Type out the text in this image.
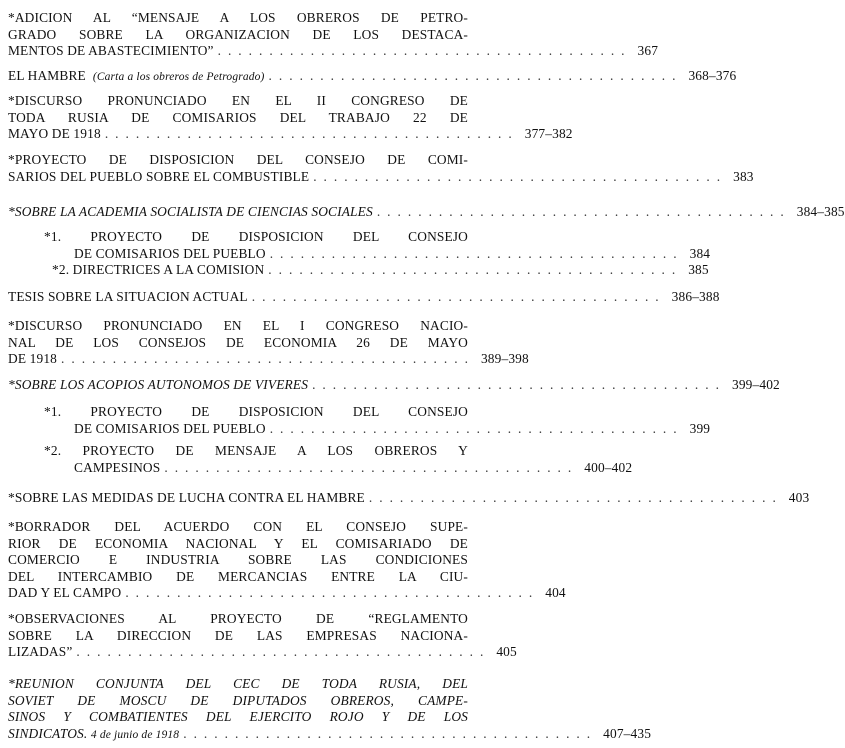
*ADICION AL “MENSAJE A LOS OBREROS DE PETRO-
GRADO SOBRE LA ORGANIZACION DE LOS DESTACA-
MENTOS DE ABASTECIMIENTO” ........................................ 367
EL HAMBRE (Carta a los obreros de Petrogrado) ........................................ 368–376
*DISCURSO PRONUNCIADO EN EL II CONGRESO DE
TODA RUSIA DE COMISARIOS DEL TRABAJO 22 DE
MAYO DE 1918 ........................................ 377–382
*PROYECTO DE DISPOSICION DEL CONSEJO DE COMI-
SARIOS DEL PUEBLO SOBRE EL COMBUSTIBLE ........................................ 383
*SOBRE LA ACADEMIA SOCIALISTA DE CIENCIAS SOCIALES ........................................ 384–385
*1. PROYECTO DE DISPOSICION DEL CONSEJO
DE COMISARIOS DEL PUEBLO ........................................ 384
*2. DIRECTRICES A LA COMISION ........................................ 385
TESIS SOBRE LA SITUACION ACTUAL ........................................ 386–388
*DISCURSO PRONUNCIADO EN EL I CONGRESO NACIO-
NAL DE LOS CONSEJOS DE ECONOMIA 26 DE MAYO
DE 1918 ........................................ 389–398
*SOBRE LOS ACOPIOS AUTONOMOS DE VIVERES ........................................ 399–402
*1. PROYECTO DE DISPOSICION DEL CONSEJO
DE COMISARIOS DEL PUEBLO ........................................ 399
*2. PROYECTO DE MENSAJE A LOS OBREROS Y
CAMPESINOS ........................................ 400–402
*SOBRE LAS MEDIDAS DE LUCHA CONTRA EL HAMBRE ........................................ 403
*BORRADOR DEL ACUERDO CON EL CONSEJO SUPE-
RIOR DE ECONOMIA NACIONAL Y EL COMISARIADO DE
COMERCIO E INDUSTRIA SOBRE LAS CONDICIONES
DEL INTERCAMBIO DE MERCANCIAS ENTRE LA CIU-
DAD Y EL CAMPO ........................................ 404
*OBSERVACIONES AL PROYECTO DE “REGLAMENTO
SOBRE LA DIRECCION DE LAS EMPRESAS NACIONA-
LIZADAS” ........................................ 405
*REUNION CONJUNTA DEL CEC DE TODA RUSIA, DEL
SOVIET DE MOSCU DE DIPUTADOS OBREROS, CAMPE-
SINOS Y COMBATIENTES DEL EJERCITO ROJO Y DE LOS
SINDICATOS. 4 de junio de 1918 ........................................ 407–435
